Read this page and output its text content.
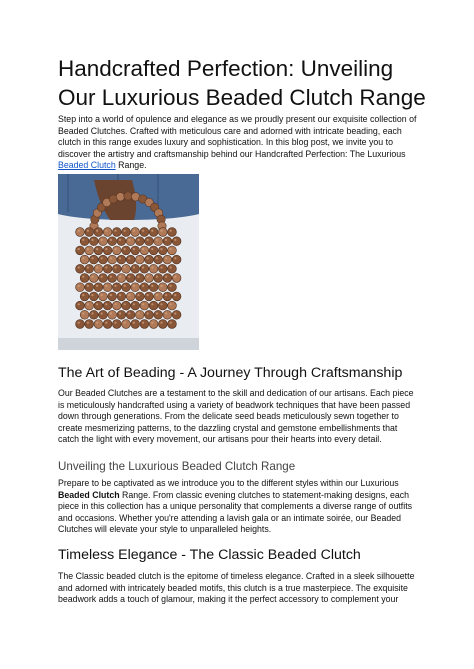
Handcrafted Perfection: Unveiling Our Luxurious Beaded Clutch Range

Step into a world of opulence and elegance as we proudly present our exquisite collection of Beaded Clutches. Crafted with meticulous care and adorned with intricate beading, each clutch in this range exudes luxury and sophistication. In this blog post, we invite you to discover the artistry and craftsmanship behind our Handcrafted Perfection: The Luxurious Beaded Clutch Range.

The Art of Beading - A Journey Through Craftsmanship

Our Beaded Clutches are a testament to the skill and dedication of our artisans. Each piece is meticulously handcrafted using a variety of beadwork techniques that have been passed down through generations. From the delicate seed beads meticulously sewn together to create mesmerizing patterns, to the dazzling crystal and gemstone embellishments that catch the light with every movement, our artisans pour their hearts into every detail.

Unveiling the Luxurious Beaded Clutch Range

Prepare to be captivated as we introduce you to the different styles within our Luxurious Beaded Clutch Range. From classic evening clutches to statement-making designs, each piece in this collection has a unique personality that complements a diverse range of outfits and occasions. Whether you're attending a lavish gala or an intimate soirée, our Beaded Clutches will elevate your style to unparalleled heights.

Timeless Elegance - The Classic Beaded Clutch

The Classic beaded clutch is the epitome of timeless elegance. Crafted in a sleek silhouette and adorned with intricately beaded motifs, this clutch is a true masterpiece. The exquisite beadwork adds a touch of glamour, making it the perfect accessory to complement your
